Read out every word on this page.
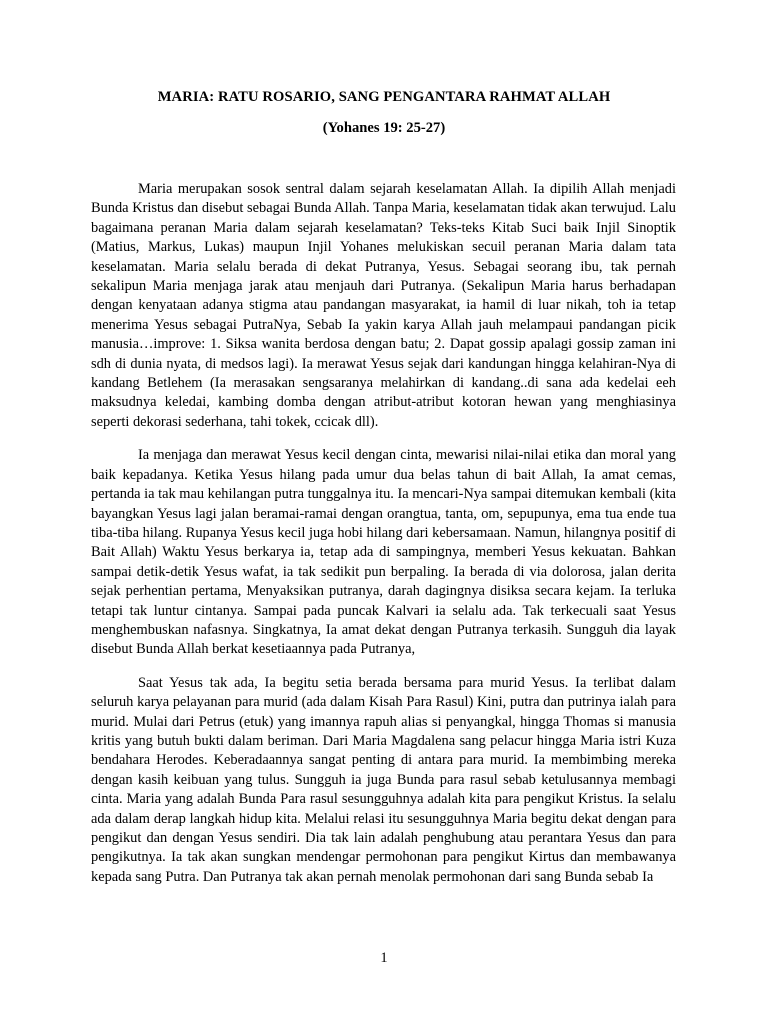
MARIA: RATU ROSARIO, SANG PENGANTARA RAHMAT ALLAH
(Yohanes 19: 25-27)

Maria merupakan sosok sentral dalam sejarah keselamatan Allah. Ia dipilih Allah menjadi Bunda Kristus dan disebut sebagai Bunda Allah. Tanpa Maria, keselamatan tidak akan terwujud. Lalu bagaimana peranan Maria dalam sejarah keselamatan? Teks-teks Kitab Suci baik Injil Sinoptik (Matius, Markus, Lukas) maupun Injil Yohanes melukiskan secuil peranan Maria dalam tata keselamatan. Maria selalu berada di dekat Putranya, Yesus. Sebagai seorang ibu, tak pernah sekalipun Maria menjaga jarak atau menjauh dari Putranya. (Sekalipun Maria harus berhadapan dengan kenyataan adanya stigma atau pandangan masyarakat, ia hamil di luar nikah, toh ia tetap menerima Yesus sebagai PutraNya, Sebab Ia yakin karya Allah jauh melampaui pandangan picik manusia…improve: 1. Siksa wanita berdosa dengan batu; 2. Dapat gossip apalagi gossip zaman ini sdh di dunia nyata, di medsos lagi). Ia merawat Yesus sejak dari kandungan hingga kelahiran-Nya di kandang Betlehem (Ia merasakan sengsaranya melahirkan di kandang..di sana ada kedelai eeh maksudnya keledai, kambing domba dengan atribut-atribut kotoran hewan yang menghiasinya seperti dekorasi sederhana, tahi tokek, ccicak dll).

Ia menjaga dan merawat Yesus kecil dengan cinta, mewarisi nilai-nilai etika dan moral yang baik kepadanya. Ketika Yesus hilang pada umur dua belas tahun di bait Allah, Ia amat cemas, pertanda ia tak mau kehilangan putra tunggalnya itu. Ia mencari-Nya sampai ditemukan kembali (kita bayangkan Yesus lagi jalan beramai-ramai dengan orangtua, tanta, om, sepupunya, ema tua ende tua tiba-tiba hilang. Rupanya Yesus kecil juga hobi hilang dari kebersamaan. Namun, hilangnya positif di Bait Allah) Waktu Yesus berkarya ia, tetap ada di sampingnya, memberi Yesus kekuatan. Bahkan sampai detik-detik Yesus wafat, ia tak sedikit pun berpaling. Ia berada di via dolorosa, jalan derita sejak perhentian pertama, Menyaksikan putranya, darah dagingnya disiksa secara kejam. Ia terluka tetapi tak luntur cintanya. Sampai pada puncak Kalvari ia selalu ada. Tak terkecuali saat Yesus menghembuskan nafasnya. Singkatnya, Ia amat dekat dengan Putranya terkasih. Sungguh dia layak disebut Bunda Allah berkat kesetiaannya pada Putranya,

Saat Yesus tak ada, Ia begitu setia berada bersama para murid Yesus. Ia terlibat dalam seluruh karya pelayanan para murid (ada dalam Kisah Para Rasul) Kini, putra dan putrinya ialah para murid. Mulai dari Petrus (etuk) yang imannya rapuh alias si penyangkal, hingga Thomas si manusia kritis yang butuh bukti dalam beriman. Dari Maria Magdalena sang pelacur hingga Maria istri Kuza bendahara Herodes. Keberadaannya sangat penting di antara para murid. Ia membimbing mereka dengan kasih keibuan yang tulus. Sungguh ia juga Bunda para rasul sebab ketulusannya membagi cinta. Maria yang adalah Bunda Para rasul sesungguhnya adalah kita para pengikut Kristus. Ia selalu ada dalam derap langkah hidup kita. Melalui relasi itu sesungguhnya Maria begitu dekat dengan para pengikut dan dengan Yesus sendiri. Dia tak lain adalah penghubung atau perantara Yesus dan para pengikutnya. Ia tak akan sungkan mendengar permohonan para pengikut Kirtus dan membawanya kepada sang Putra. Dan Putranya tak akan pernah menolak permohonan dari sang Bunda sebab Ia

1
